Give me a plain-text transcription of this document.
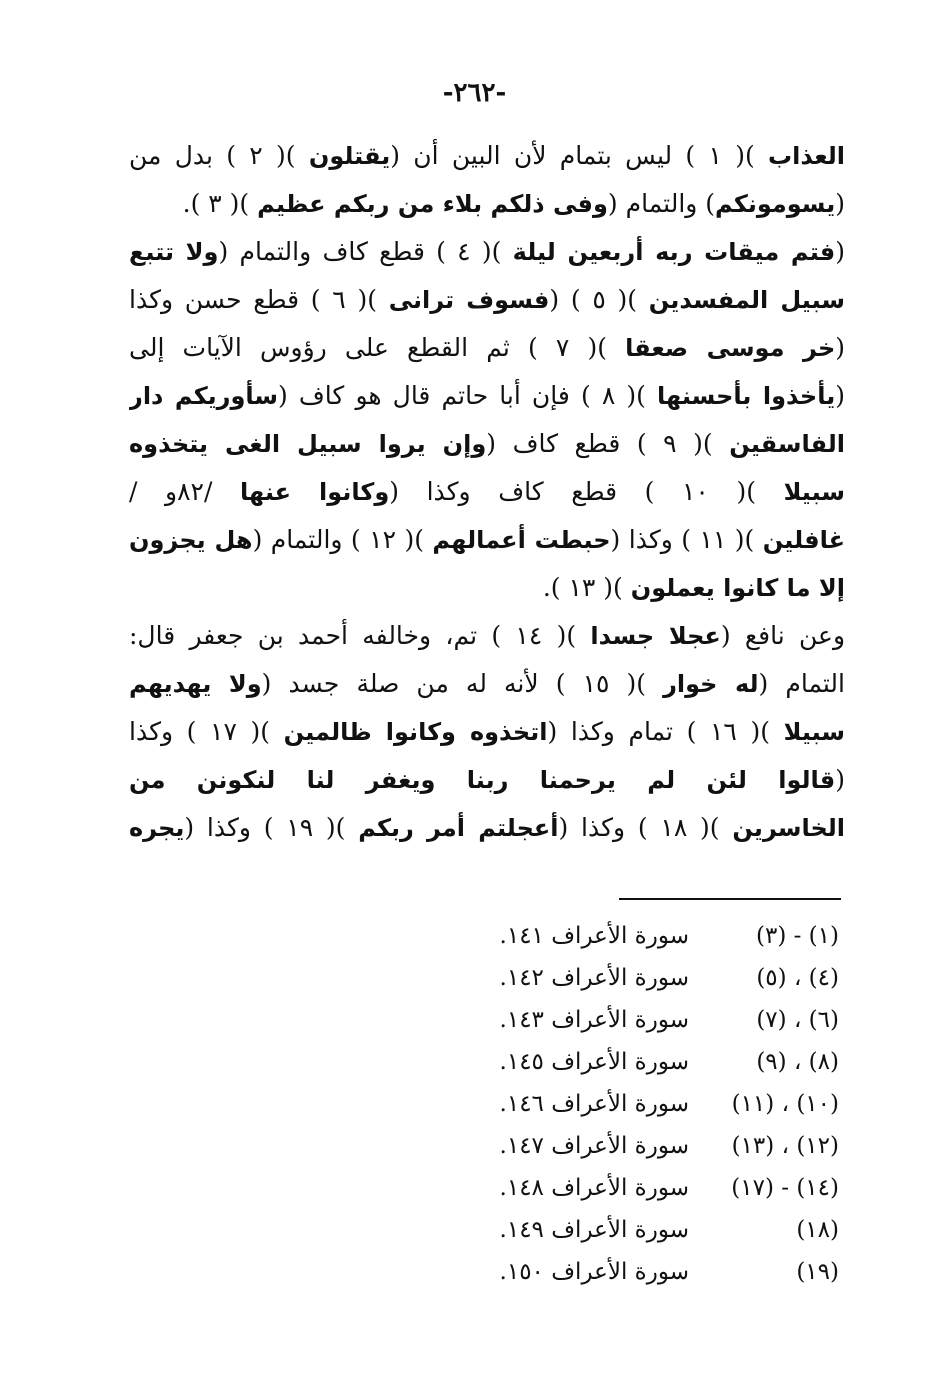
-٢٦٢-
العذاب )( ١ ) ليس بتمام لأن البين أن (يقتلون )( ٢ ) بدل من
(يسومونكم) والتمام (وفى ذلكم بلاء من ربكم عظيم )( ٣ ).
(فتم ميقات ربه أربعين ليلة )( ٤ ) قطع كاف والتمام (ولا تتبع
سبيل المفسدين )( ٥ ) (فسوف ترانى )( ٦ ) قطع حسن وكذا
(خر موسى صعقا )( ٧ ) ثم القطع على رؤوس الآيات إلى
(يأخذوا بأحسنها )( ٨ ) فإن أبا حاتم قال هو كاف (سأوريكم دار
الفاسقين )( ٩ ) قطع كاف (وإن يروا سبيل الغى يتخذوه
سبيلا )( ١٠ ) قطع كاف وكذا (وكانوا عنها /٨٢و /
غافلين )( ١١ ) وكذا (حبطت أعمالهم )( ١٢ ) والتمام (هل يجزون
إلا ما كانوا يعملون )( ١٣ ).
وعن نافع (عجلا جسدا )( ١٤ ) تم، وخالفه أحمد بن جعفر قال:
التمام (له خوار )( ١٥ ) لأنه له من صلة جسد (ولا يهديهم
سبيلا )( ١٦ ) تمام وكذا (اتخذوه وكانوا ظالمين )( ١٧ ) وكذا
(قالوا لئن لم يرحمنا ربنا ويغفر لنا لنكونن من
الخاسرين )( ١٨ ) وكذا (أعجلتم أمر ربكم )( ١٩ ) وكذا (يجره
(١) - (٣)
سورة الأعراف ١٤١.
(٤) ، (٥)
سورة الأعراف ١٤٢.
(٦) ، (٧)
سورة الأعراف ١٤٣.
(٨) ، (٩)
سورة الأعراف ١٤٥.
(١٠) ، (١١)
سورة الأعراف ١٤٦.
(١٢) ، (١٣)
سورة الأعراف ١٤٧.
(١٤) - (١٧)
سورة الأعراف ١٤٨.
(١٨)
سورة الأعراف ١٤٩.
(١٩)
سورة الأعراف ١٥٠.
